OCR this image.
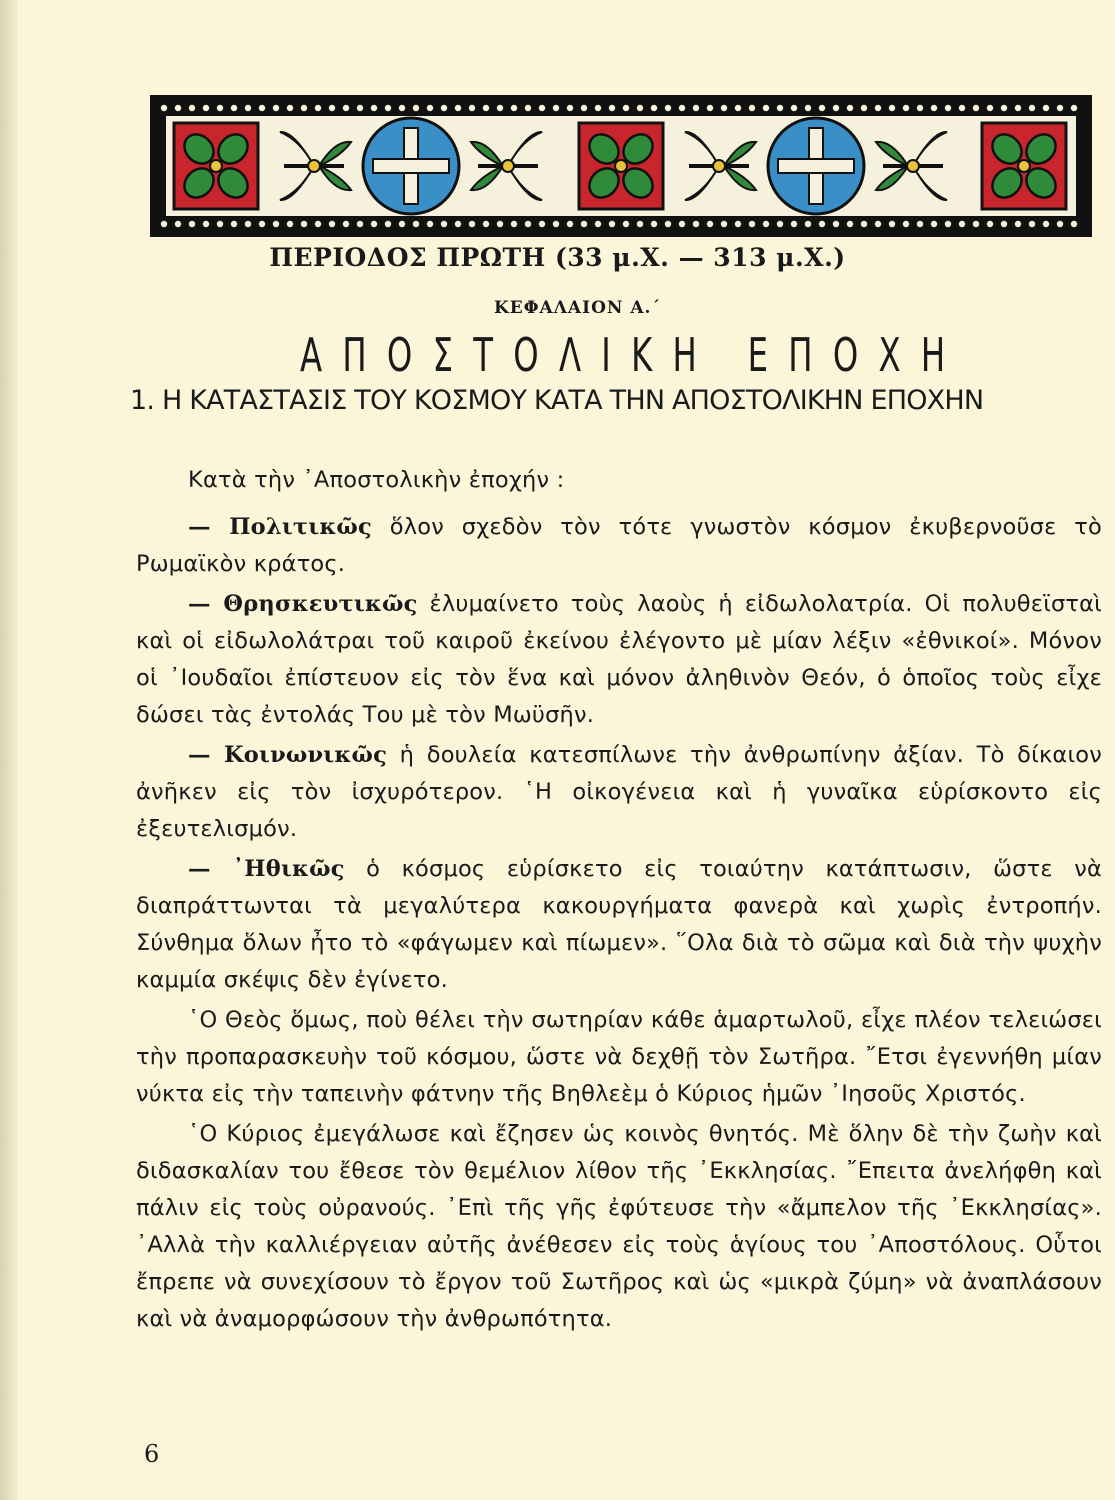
ΠΕΡΙΟΔΟΣ ΠΡΩΤΗ (33 μ.Χ. — 313 μ.Χ.)
ΚΕΦΑΛΑΙΟΝ Α.΄
ΑΠΟΣΤΟΛΙΚΗ ΕΠΟΧΗ
1. Η ΚΑΤΑΣΤΑΣΙΣ ΤΟΥ ΚΟΣΜΟΥ ΚΑΤΑ ΤΗΝ ΑΠΟΣΤΟΛΙΚΗΝ ΕΠΟΧΗΝ

Κατὰ τὴν ᾿Αποστολικὴν ἐποχήν :

— Πολιτικῶς ὅλον σχεδὸν τὸν τότε γνωστὸν κόσμον ἐκυβερνοῦσε τὸ Ρωμαϊκὸν κράτος.

— Θρησκευτικῶς ἐλυμαίνετο τοὺς λαοὺς ἡ εἰδωλολατρία. Οἱ πολυθεϊσταὶ καὶ οἱ εἰδωλολάτραι τοῦ καιροῦ ἐκείνου ἐλέγοντο μὲ μίαν λέξιν «ἐθνικοί». Μόνον οἱ ᾿Ιουδαῖοι ἐπίστευον εἰς τὸν ἕνα καὶ μόνον ἀληθινὸν Θεόν, ὁ ὁποῖος τοὺς εἶχε δώσει τὰς ἐντολάς Του μὲ τὸν Μωϋσῆν.

— Κοινωνικῶς ἡ δουλεία κατεσπίλωνε τὴν ἀνθρωπίνην ἀξίαν. Τὸ δίκαιον ἀνῆκεν εἰς τὸν ἰσχυρότερον. ῾Η οἰκογένεια καὶ ἡ γυναῖκα εὑρίσκοντο εἰς ἐξευτελισμόν.

— ᾿Ηθικῶς ὁ κόσμος εὑρίσκετο εἰς τοιαύτην κατάπτωσιν, ὥστε νὰ διαπράττωνται τὰ μεγαλύτερα κακουργήματα φανερὰ καὶ χωρὶς ἐντροπήν. Σύνθημα ὅλων ἦτο τὸ «φάγωμεν καὶ πίωμεν». ῞Ολα διὰ τὸ σῶμα καὶ διὰ τὴν ψυχὴν καμμία σκέψις δὲν ἐγίνετο.

῾Ο Θεὸς ὅμως, ποὺ θέλει τὴν σωτηρίαν κάθε ἁμαρτωλοῦ, εἶχε πλέον τελειώσει τὴν προπαρασκευὴν τοῦ κόσμου, ὥστε νὰ δεχθῇ τὸν Σωτῆρα. ῎Ετσι ἐγεννήθη μίαν νύκτα εἰς τὴν ταπεινὴν φάτνην τῆς Βηθλεὲμ ὁ Κύριος ἡμῶν ᾿Ιησοῦς Χριστός.

῾Ο Κύριος ἐμεγάλωσε καὶ ἔζησεν ὡς κοινὸς θνητός. Μὲ ὅλην δὲ τὴν ζωὴν καὶ διδασκαλίαν του ἔθεσε τὸν θεμέλιον λίθον τῆς ᾿Εκκλησίας. ῎Επειτα ἀνελήφθη καὶ πάλιν εἰς τοὺς οὐρανούς. ᾿Επὶ τῆς γῆς ἐφύτευσε τὴν «ἄμπελον τῆς ᾿Εκκλησίας». ᾿Αλλὰ τὴν καλλιέργειαν αὐτῆς ἀνέθεσεν εἰς τοὺς ἁγίους του ᾿Αποστόλους. Οὗτοι ἔπρεπε νὰ συνεχίσουν τὸ ἔργον τοῦ Σωτῆρος καὶ ὡς «μικρὰ ζύμη» νὰ ἀναπλάσουν καὶ νὰ ἀναμορφώσουν τὴν ἀνθρωπότητα.

6
